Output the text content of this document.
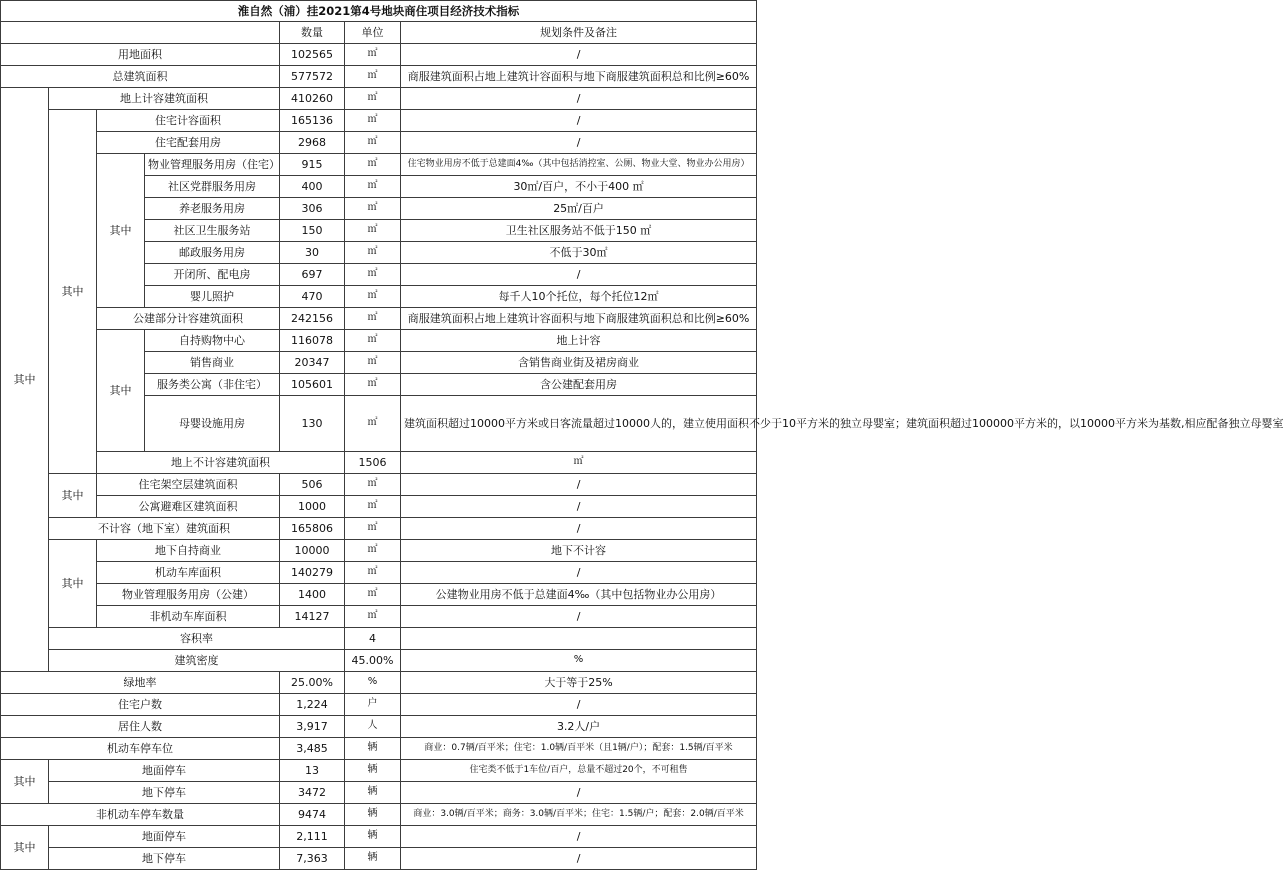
淮自然（浦）挂2021第4号地块商住项目经济技术指标							
				数量	单位	规划条件及备注	
用地面积				102565	㎡	/	
总建筑面积				577572	㎡	商服建筑面积占地上建筑计容面积与地下商服建筑面积总和比例≥60%	
其中	地上计容建筑面积			410260	㎡	/	
	其中	住宅计容面积		165136	㎡	/	
		住宅配套用房		2968	㎡	/	
		其中	物业管理服务用房（住宅）	915	㎡	住宅物业用房不低于总建面4‰（其中包括消控室、公厕、物业大堂、物业办公用房）	
			社区党群服务用房	400	㎡	30㎡/百户，不小于400 ㎡	
			养老服务用房	306	㎡	25㎡/百户	
			社区卫生服务站	150	㎡	卫生社区服务站不低于150 ㎡	
			邮政服务用房	30	㎡	不低于30㎡	
			开闭所、配电房	697	㎡	/	
			婴儿照护	470	㎡	每千人10个托位，每个托位12㎡	
		公建部分计容建筑面积		242156	㎡	商服建筑面积占地上建筑计容面积与地下商服建筑面积总和比例≥60%	
		其中	自持购物中心	116078	㎡	地上计容	
			销售商业	20347	㎡	含销售商业街及裙房商业	
			服务类公寓（非住宅）	105601	㎡	含公建配套用房	
			母婴设施用房	130	㎡	建筑面积超过10000平方米或日客流量超过10000人的，建立使用面积不少于10平方米的独立母婴室；建筑面积超过100000平方米的，以10000平方米为基数,相应配备独立母婴室	
		地上不计容建筑面积			1506	㎡	
	其中	住宅架空层建筑面积		506	㎡	/	
		公寓避难区建筑面积		1000	㎡	/	
	不计容（地下室）建筑面积			165806	㎡	/	
	其中	地下自持商业		10000	㎡	地下不计容	
		机动车库面积		140279	㎡	/	
		物业管理服务用房（公建）		1400	㎡	公建物业用房不低于总建面4‰（其中包括物业办公用房）	
		非机动车库面积		14127	㎡	/	
	容积率				4		
	建筑密度				45.00%	%	
绿地率				25.00%	%	大于等于25%	
住宅户数				1,224	户	/	
居住人数				3,917	人	3.2人/户	
机动车停车位				3,485	辆	商业：0.7辆/百平米；住宅：1.0辆/百平米（且1辆/户）；配套：1.5辆/百平米	
其中	地面停车			13	辆	住宅类不低于1车位/百户，总量不超过20个，不可租售	
	地下停车			3472	辆	/	
非机动车停车数量				9474	辆	商业：3.0辆/百平米；商务：3.0辆/百平米；住宅：1.5辆/户；配套：2.0辆/百平米	
其中	地面停车			2,111	辆	/	
	地下停车			7,363	辆	/	
